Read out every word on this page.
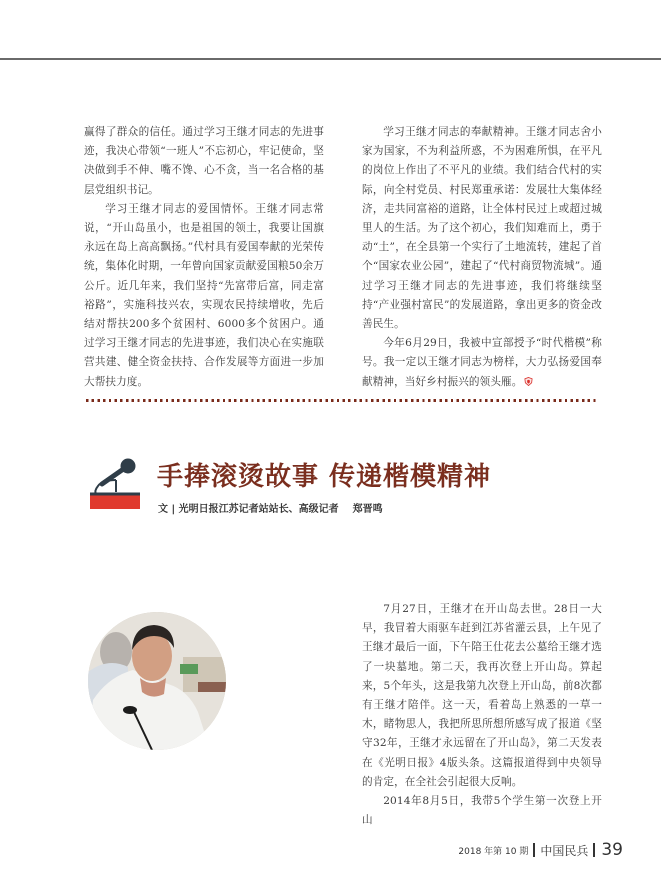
赢得了群众的信任。通过学习王继才同志的先进事迹，我决心带领“一班人”不忘初心，牢记使命，坚决做到手不伸、嘴不馋、心不贪，当一名合格的基层党组织书记。

学习王继才同志的爱国情怀。王继才同志常说，“开山岛虽小，也是祖国的领土，我要让国旗永远在岛上高高飘扬。”代村具有爱国奉献的光荣传统，集体化时期，一年曾向国家贡献爱国粮50余万公斤。近几年来，我们坚持“先富带后富，同走富裕路”，实施科技兴农，实现农民持续增收，先后结对帮扶200多个贫困村、6000多个贫困户。通过学习王继才同志的先进事迹，我们决心在实施联营共建、健全资金扶持、合作发展等方面进一步加大帮扶力度。

学习王继才同志的奉献精神。王继才同志舍小家为国家，不为利益所惑，不为困难所惧，在平凡的岗位上作出了不平凡的业绩。我们结合代村的实际，向全村党员、村民郑重承诺：发展壮大集体经济，走共同富裕的道路，让全体村民过上或超过城里人的生活。为了这个初心，我们知难而上，勇于动“土”，在全县第一个实行了土地流转，建起了首个“国家农业公园”，建起了“代村商贸物流城”。通过学习王继才同志的先进事迹，我们将继续坚持“产业强村富民”的发展道路，拿出更多的资金改善民生。

今年6月29日，我被中宣部授予“时代楷模”称号。我一定以王继才同志为榜样，大力弘扬爱国奉献精神，当好乡村振兴的领头雁。

手捧滚烫故事 传递楷模精神
文 | 光明日报江苏记者站站长、高级记者 郑晋鸣

7月27日，王继才在开山岛去世。28日一大早，我冒着大雨驱车赶到江苏省灌云县，上午见了王继才最后一面，下午陪王仕花去公墓给王继才选了一块墓地。第二天，我再次登上开山岛。算起来，5个年头，这是我第九次登上开山岛，前8次都有王继才陪伴。这一天，看着岛上熟悉的一草一木，睹物思人，我把所思所想所感写成了报道《坚守32年，王继才永远留在了开山岛》，第二天发表在《光明日报》4版头条。这篇报道得到中央领导的肯定，在全社会引起很大反响。

2014年8月5日，我带5个学生第一次登上开山

2018 年第 10 期 中国民兵 39
